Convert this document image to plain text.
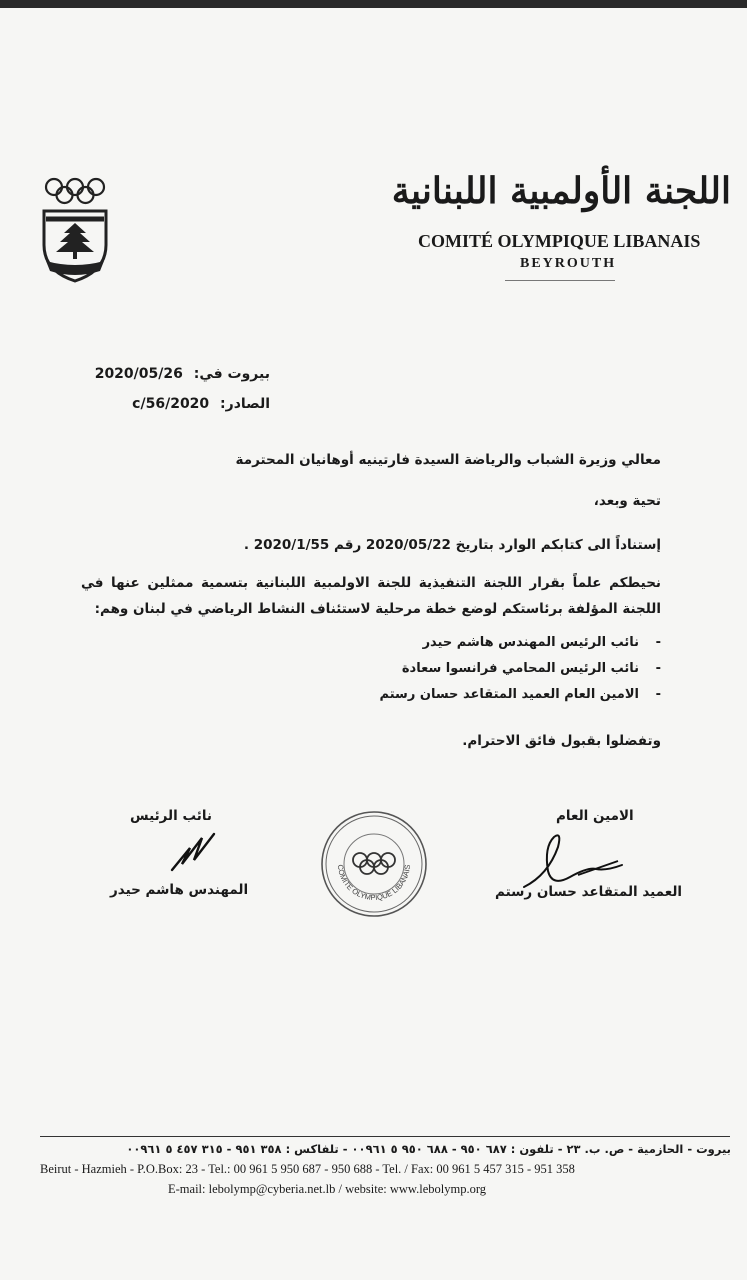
اللجنة الأولمبية اللبنانية
COMITÉ OLYMPIQUE LIBANAIS
BEYROUTH
بيروت في: 2020/05/26
الصادر: 2020/c/56
معالي وزيرة الشباب والرياضة السيدة فارتينيه أوهانيان المحترمة
تحية وبعد،
إستناداً الى كتابكم الوارد بتاريخ 2020/05/22 رقم 2020/1/55 .
نحيطكم علماً بقرار اللجنة التنفيذية للجنة الاولمبية اللبنانية بتسمية ممثلين عنها في اللجنة المؤلفة برئاستكم لوضع خطة مرحلية لاستئناف النشاط الرياضي في لبنان وهم:
- نائب الرئيس المهندس هاشم حيدر
- نائب الرئيس المحامي فرانسوا سعادة
- الامين العام العميد المتقاعد حسان رستم
وتفضلوا بقبول فائق الاحترام.
نائب الرئيس
المهندس هاشم حيدر
الامين العام
العميد المتقاعد حسان رستم
COMITE OLYMPIQUE LIBANAIS
بيروت - الحازمية - ص. ب. ٢٣ - تلفون : ٦٨٧ ٩٥٠ - ٦٨٨ ٩٥٠ ٥ ٠٠٩٦١ - تلفاكس : ٣٥٨ ٩٥١ - ٣١٥ ٤٥٧ ٥ ٠٠٩٦١
Beirut - Hazmieh - P.O.Box: 23 - Tel.: 00 961 5 950 687 - 950 688 - Tel. / Fax: 00 961 5 457 315 - 951 358
E-mail: lebolymp@cyberia.net.lb / website: www.lebolymp.org
